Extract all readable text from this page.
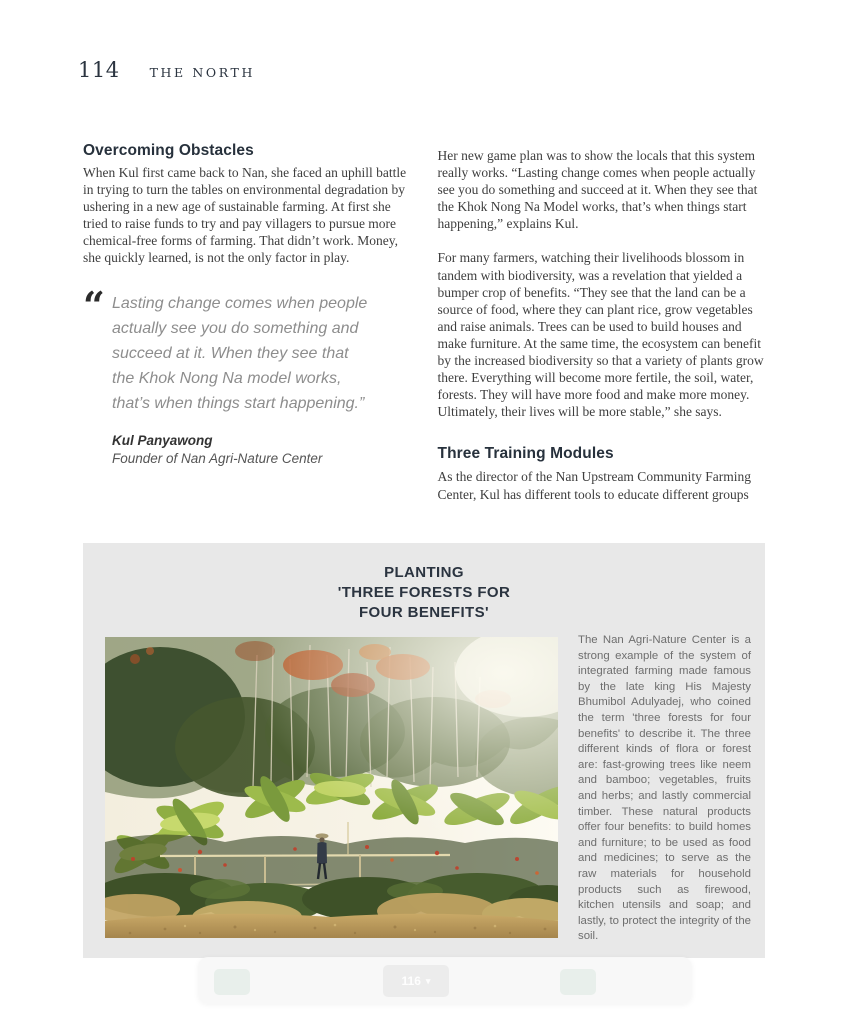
114 THE NORTH
Overcoming Obstacles

When Kul first came back to Nan, she faced an uphill battle in trying to turn the tables on environmental degradation by ushering in a new age of sustainable farming. At first she tried to raise funds to try and pay villagers to pursue more chemical-free forms of farming. That didn’t work. Money, she quickly learned, is not the only factor in play.

“ Lasting change comes when people actually see you do something and succeed at it. When they see that the Khok Nong Na model works, that’s when things start happening.”

Kul Panyawong

Founder of Nan Agri-Nature Center

Her new game plan was to show the locals that this system really works. “Lasting change comes when people actually see you do something and succeed at it. When they see that the Khok Nong Na Model works, that’s when things start happening,” explains Kul.

For many farmers, watching their livelihoods blossom in tandem with biodiversity, was a revelation that yielded a bumper crop of benefits. “They see that the land can be a source of food, where they can plant rice, grow vegetables and raise animals. Trees can be used to build houses and make furniture. At the same time, the ecosystem can benefit by the increased biodiversity so that a variety of plants grow there. Everything will become more fertile, the soil, water, forests. They will have more food and make more money. Ultimately, their lives will be more stable,” she says.

Three Training Modules

As the director of the Nan Upstream Community Farming Center, Kul has different tools to educate different groups

PLANTING
'THREE FORESTS FOR
FOUR BENEFITS'
The Nan Agri-Nature Center is a strong example of the system of integrated farming made famous by the late king His Majesty Bhumibol Adulyadej, who coined the term 'three forests for four benefits' to describe it. The three different kinds of flora or forest are: fast-growing trees like neem and bamboo; vegetables, fruits and herbs; and lastly commercial timber. These natural products offer four benefits: to build homes and furniture; to be used as food and medicines; to serve as the raw materials for household products such as firewood, kitchen utensils and soap; and lastly, to protect the integrity of the soil.
116 ▾
